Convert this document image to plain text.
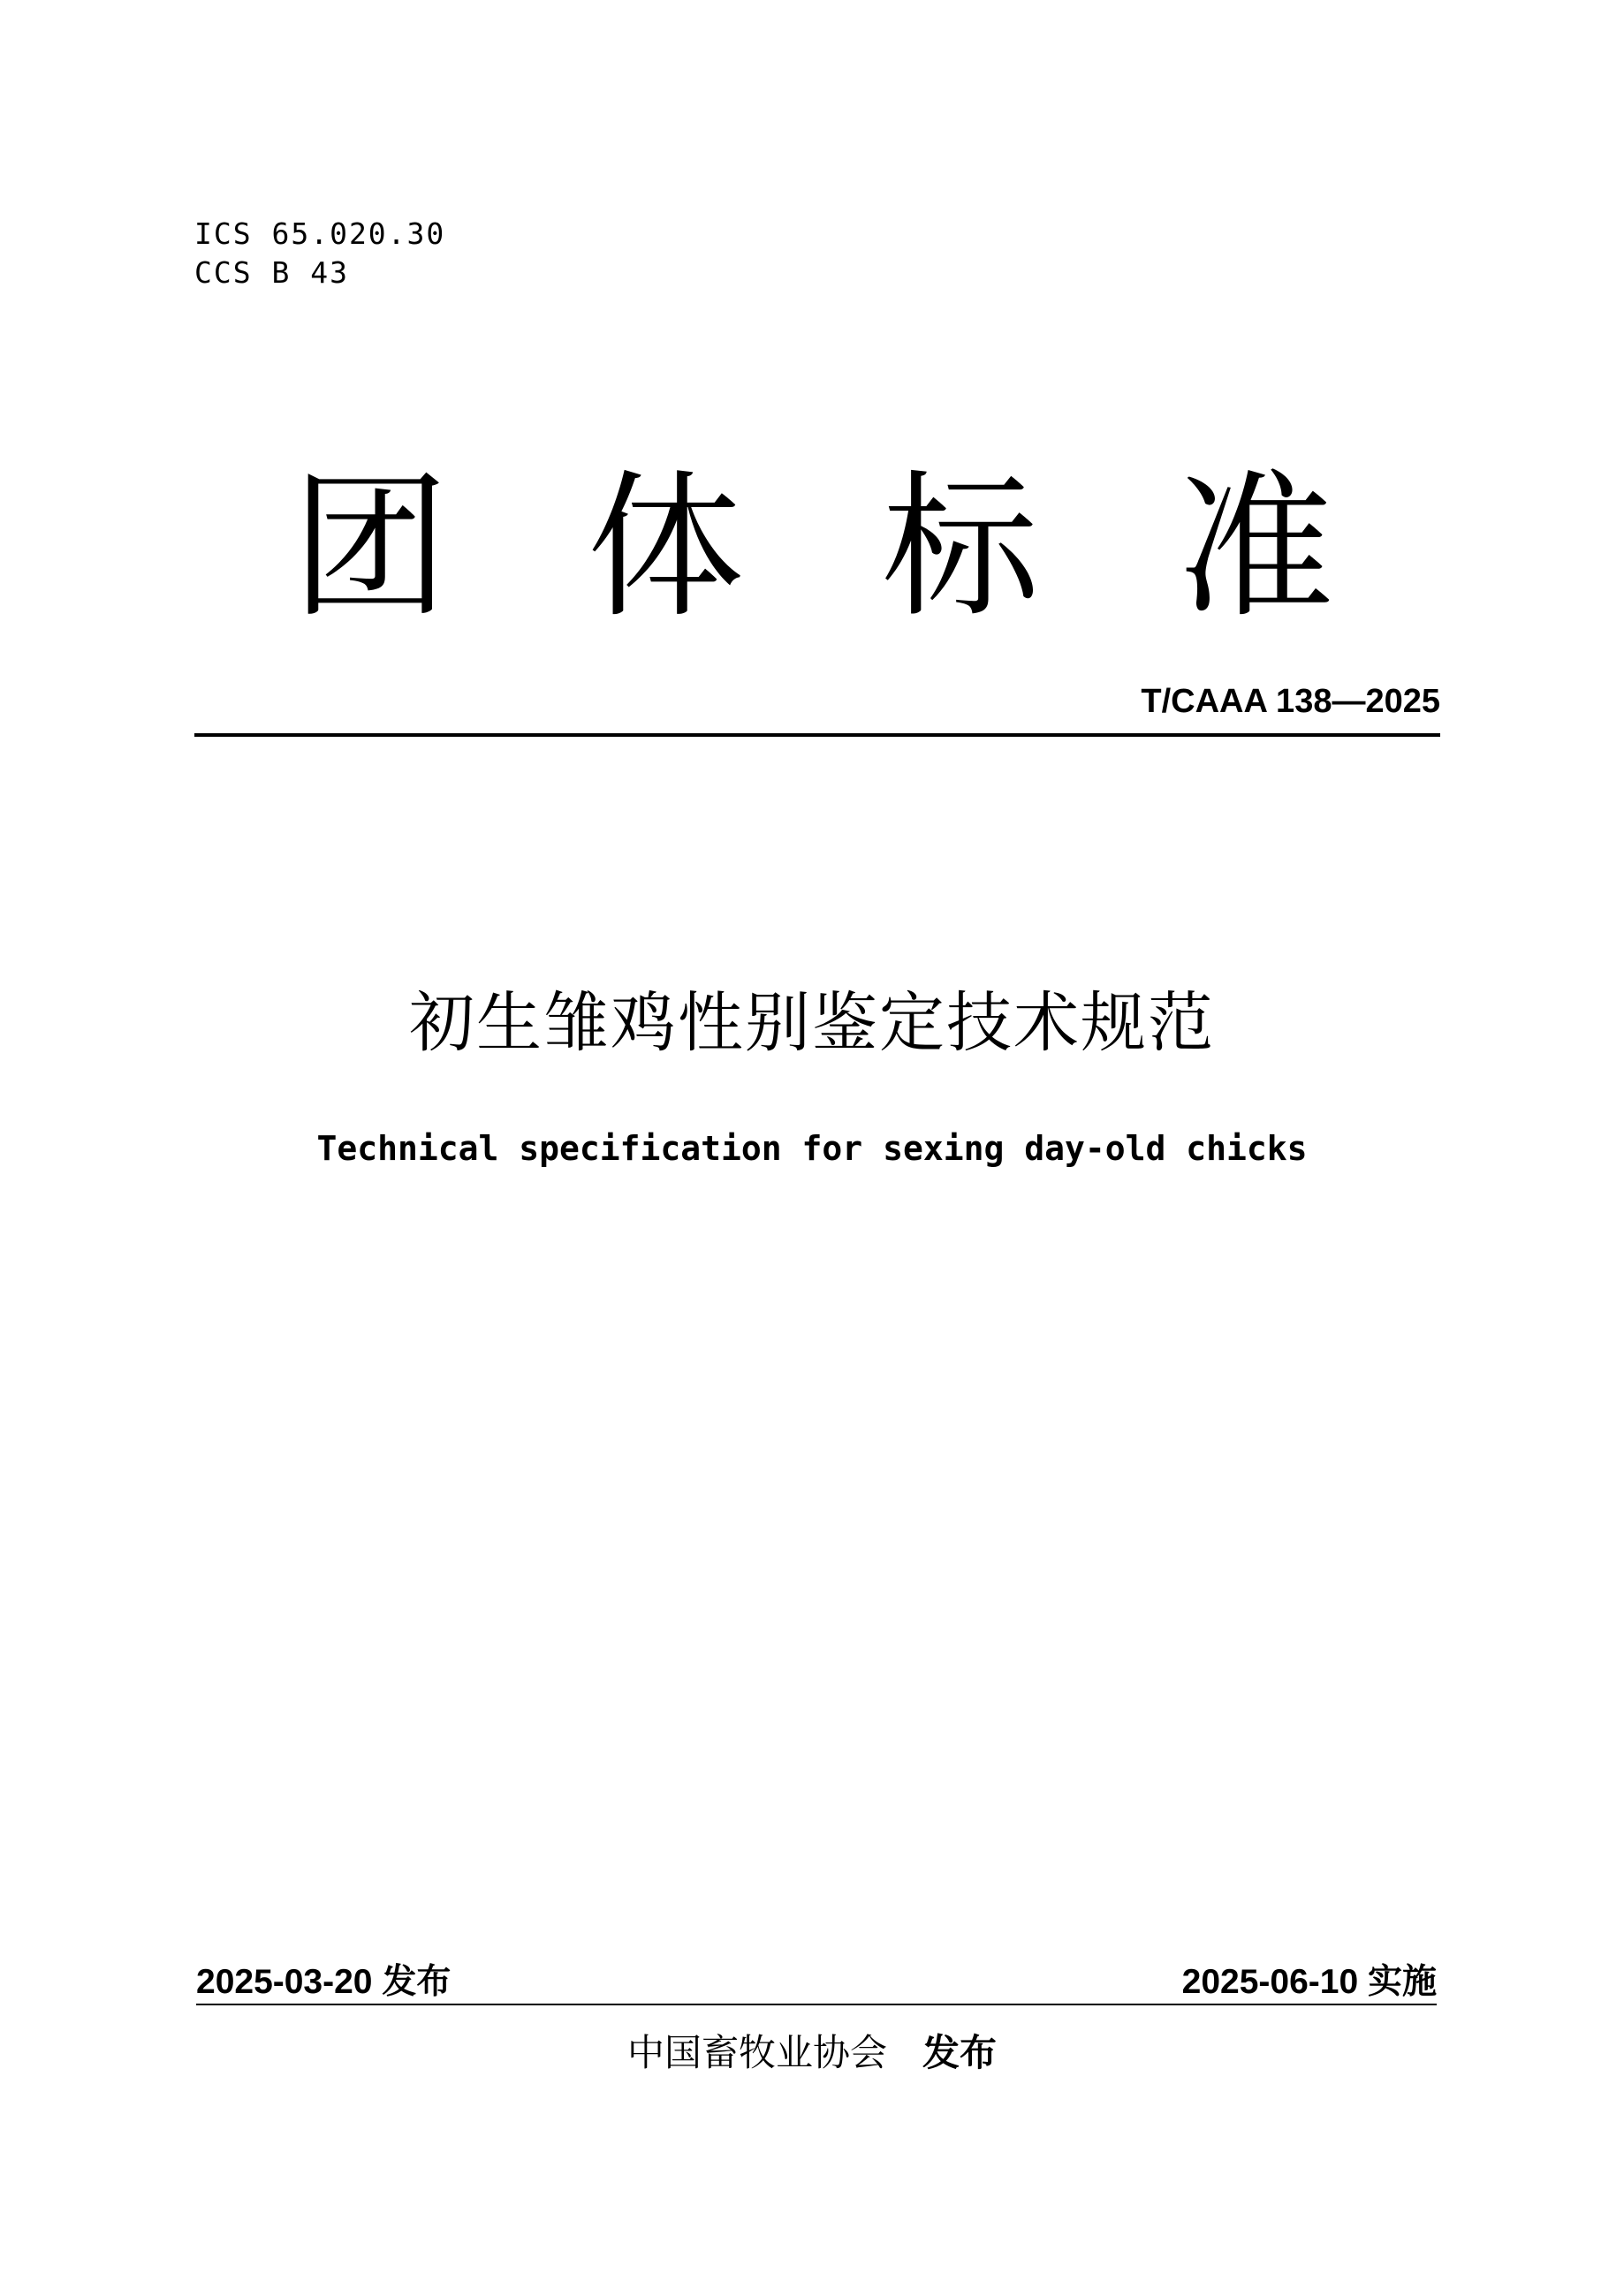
ICS 65.020.30
CCS B 43
团 体 标 准
T/CAAA 138—2025
初生雏鸡性别鉴定技术规范
Technical specification for sexing day-old chicks
2025-03-20 发布	2025-06-10 实施
中国畜牧业协会 发布
